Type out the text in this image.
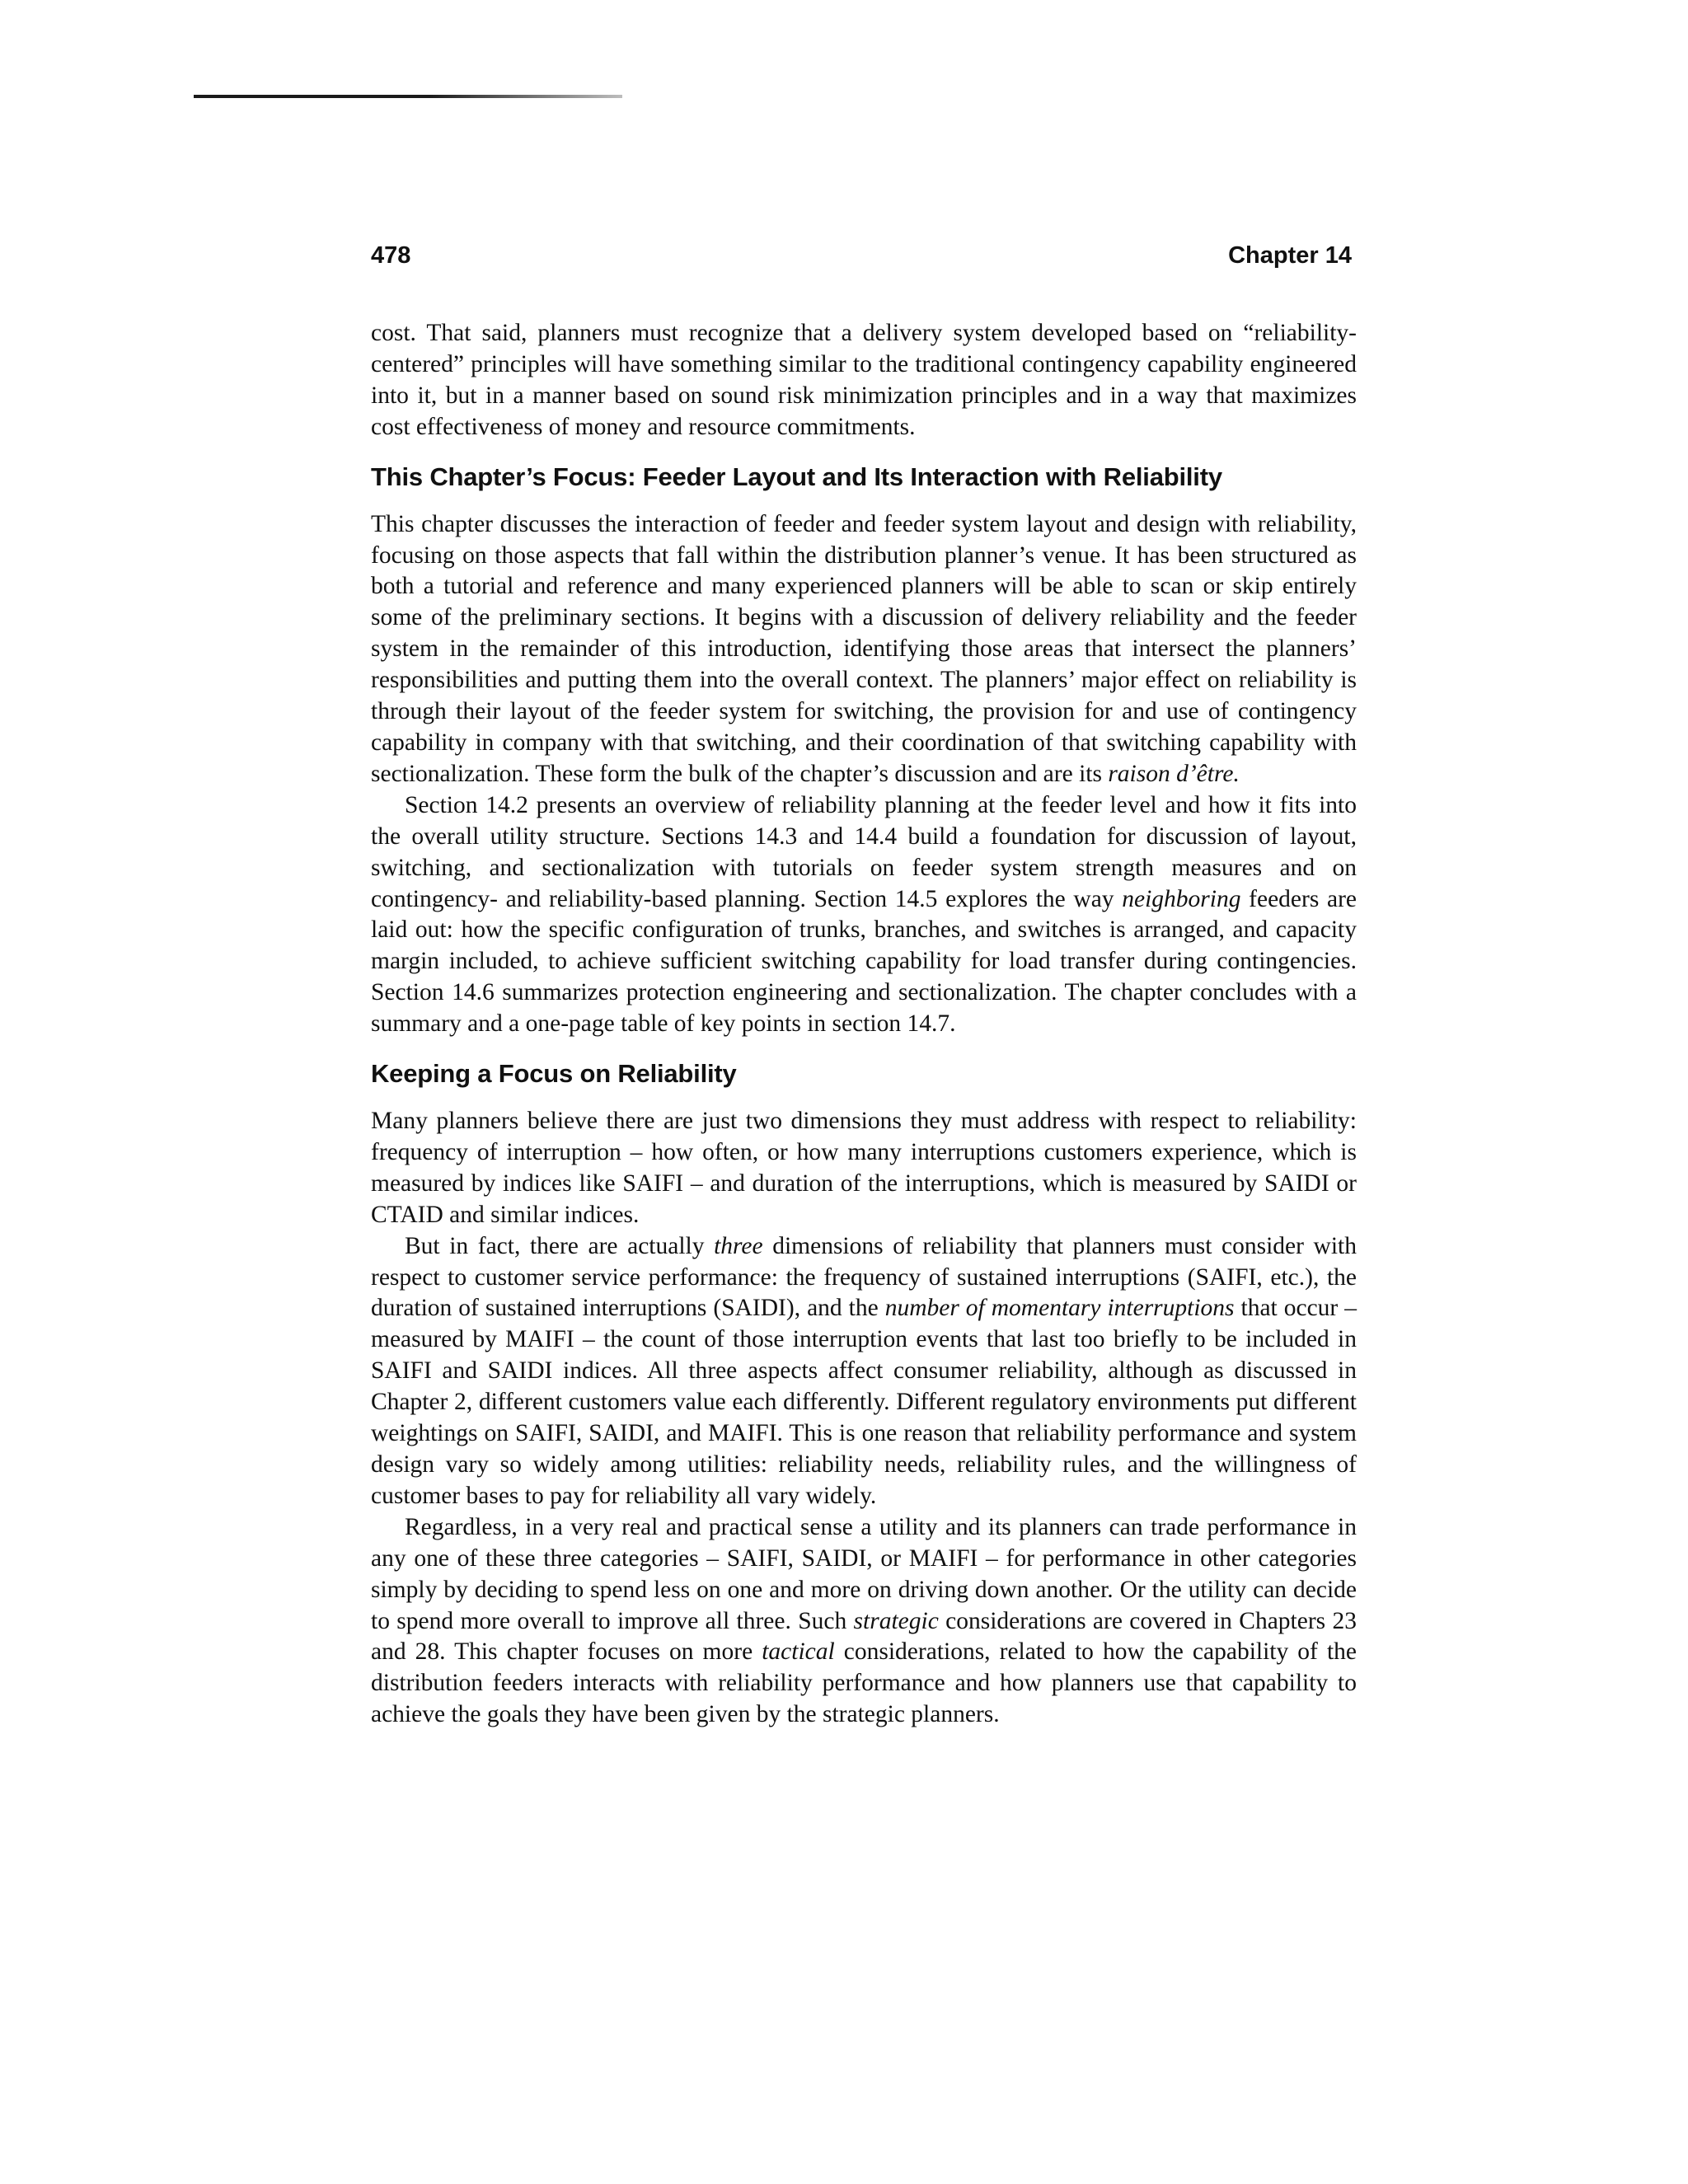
478	Chapter 14

cost. That said, planners must recognize that a delivery system developed based on “reliability-centered” principles will have something similar to the traditional contingency capability engineered into it, but in a manner based on sound risk minimization principles and in a way that maximizes cost effectiveness of money and resource commitments.

This Chapter’s Focus: Feeder Layout and Its Interaction with Reliability

This chapter discusses the interaction of feeder and feeder system layout and design with reliability, focusing on those aspects that fall within the distribution planner’s venue. It has been structured as both a tutorial and reference and many experienced planners will be able to scan or skip entirely some of the preliminary sections. It begins with a discussion of delivery reliability and the feeder system in the remainder of this introduction, identifying those areas that intersect the planners’ responsibilities and putting them into the overall context. The planners’ major effect on reliability is through their layout of the feeder system for switching, the provision for and use of contingency capability in company with that switching, and their coordination of that switching capability with sectionalization. These form the bulk of the chapter’s discussion and are its raison d’être.

Section 14.2 presents an overview of reliability planning at the feeder level and how it fits into the overall utility structure. Sections 14.3 and 14.4 build a foundation for discussion of layout, switching, and sectionalization with tutorials on feeder system strength measures and on contingency- and reliability-based planning. Section 14.5 explores the way neighboring feeders are laid out: how the specific configuration of trunks, branches, and switches is arranged, and capacity margin included, to achieve sufficient switching capability for load transfer during contingencies. Section 14.6 summarizes protection engineering and sectionalization. The chapter concludes with a summary and a one-page table of key points in section 14.7.

Keeping a Focus on Reliability

Many planners believe there are just two dimensions they must address with respect to reliability: frequency of interruption – how often, or how many interruptions customers experience, which is measured by indices like SAIFI – and duration of the interruptions, which is measured by SAIDI or CTAID and similar indices.

But in fact, there are actually three dimensions of reliability that planners must consider with respect to customer service performance: the frequency of sustained interruptions (SAIFI, etc.), the duration of sustained interruptions (SAIDI), and the number of momentary interruptions that occur – measured by MAIFI – the count of those interruption events that last too briefly to be included in SAIFI and SAIDI indices. All three aspects affect consumer reliability, although as discussed in Chapter 2, different customers value each differently. Different regulatory environments put different weightings on SAIFI, SAIDI, and MAIFI. This is one reason that reliability performance and system design vary so widely among utilities: reliability needs, reliability rules, and the willingness of customer bases to pay for reliability all vary widely.

Regardless, in a very real and practical sense a utility and its planners can trade performance in any one of these three categories – SAIFI, SAIDI, or MAIFI – for performance in other categories simply by deciding to spend less on one and more on driving down another. Or the utility can decide to spend more overall to improve all three. Such strategic considerations are covered in Chapters 23 and 28. This chapter focuses on more tactical considerations, related to how the capability of the distribution feeders interacts with reliability performance and how planners use that capability to achieve the goals they have been given by the strategic planners.
